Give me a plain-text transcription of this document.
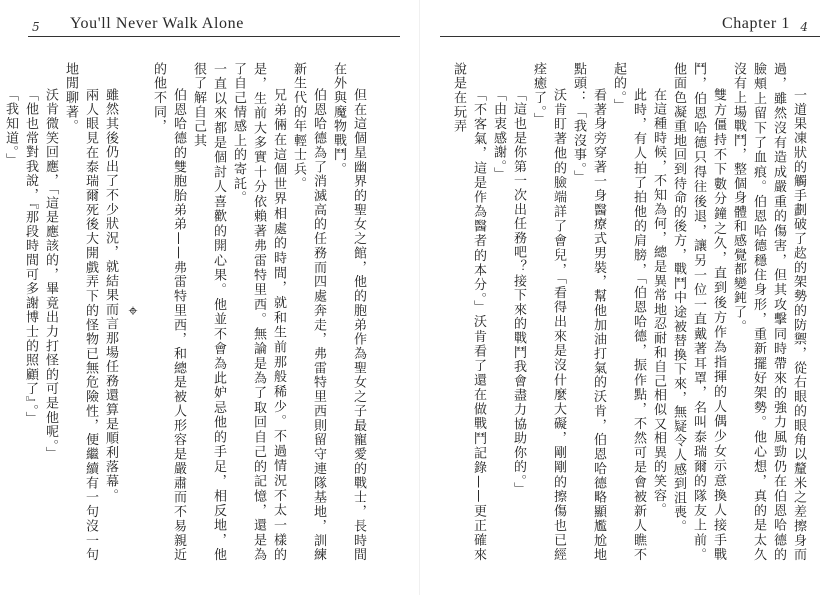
5 You'll Never Walk Alone

但在這個星幽界的聖女之館，他的胞弟作為聖女之子最寵愛的戰士，長時間在外與魔物戰鬥。

伯恩哈德為了消滅高的任務而四處奔走，弗雷特里西則留守連隊基地，訓練新生代的年輕士兵。

兄弟倆在這個世界相處的時間，就和生前那般稀少。不過情況不太一樣的是，生前大多實十分依賴著弗雷特里西。無論是為了取回自己的記憶，還是為了自己情感上的寄託。

一直以來都是個討人喜歡的開心果。他並不會為此妒忌他的手足，相反地，他很了解自己其

伯恩哈德的雙胞胎弟弟——弗雷特里西，和總是被人形容是嚴肅而不易親近的他不同，

⌖

雖然其後仍出了不少狀況，就結果而言那場任務還算是順利落幕。

兩人眼見在泰瑞爾死後大開戲弄下的怪物已無危險性，便繼續有一句沒一句地閒聊著。

沃肯微笑回應，「這是應該的，畢竟出力打怪的可是他呢。」

「他也常對我說，『那段時間可多謝博士的照顧了』。」

「我知道。」

Chapter 1 4

一道果凍狀的觸手劃破了赼的架勢的防禦，從右眼的眼角以釐米之差擦身而過，雖然沒有造成嚴重的傷害，但其攻擊同時帶來的強力風勁仍在伯恩哈德的臉頰上留下了血痕。伯恩哈德穩住身形，重新擺好架勢。他心想，真的是太久沒有上場戰鬥，整個身體和感覺都變鈍了。

雙方僵持不下數分鐘之久，直到後方作為指揮的人偶少女示意換人接手戰鬥，伯恩哈德只得往後退，讓另一位一直戴著耳罩，名叫泰瑞爾的隊友上前。他面色凝重地回到待命的後方，戰鬥中途被替換下來，無疑令人感到沮喪。

在這種時候，不知為何，總是異常地忍耐和自己相似又相異的笑容。

此時，有人拍了拍他的肩膀，「伯恩哈德，振作點，不然可是會被新人瞧不起的。」

看著身旁穿著一身醫療式男裝，幫他加油打氣的沃肯，伯恩哈德略顯尷尬地點頭：「我沒事。」

沃肯盯著他的臉端詳了會兒，「看得出來是沒什麼大礙，剛剛的擦傷也已經痊癒了。」

「這也是你第一次出任務吧？接下來的戰鬥我會盡力協助你的。」

「由衷感謝。」

「不客氣，這是作為醫者的本分。」沃肯看了還在做戰鬥記錄——更正確來說是在玩弄
